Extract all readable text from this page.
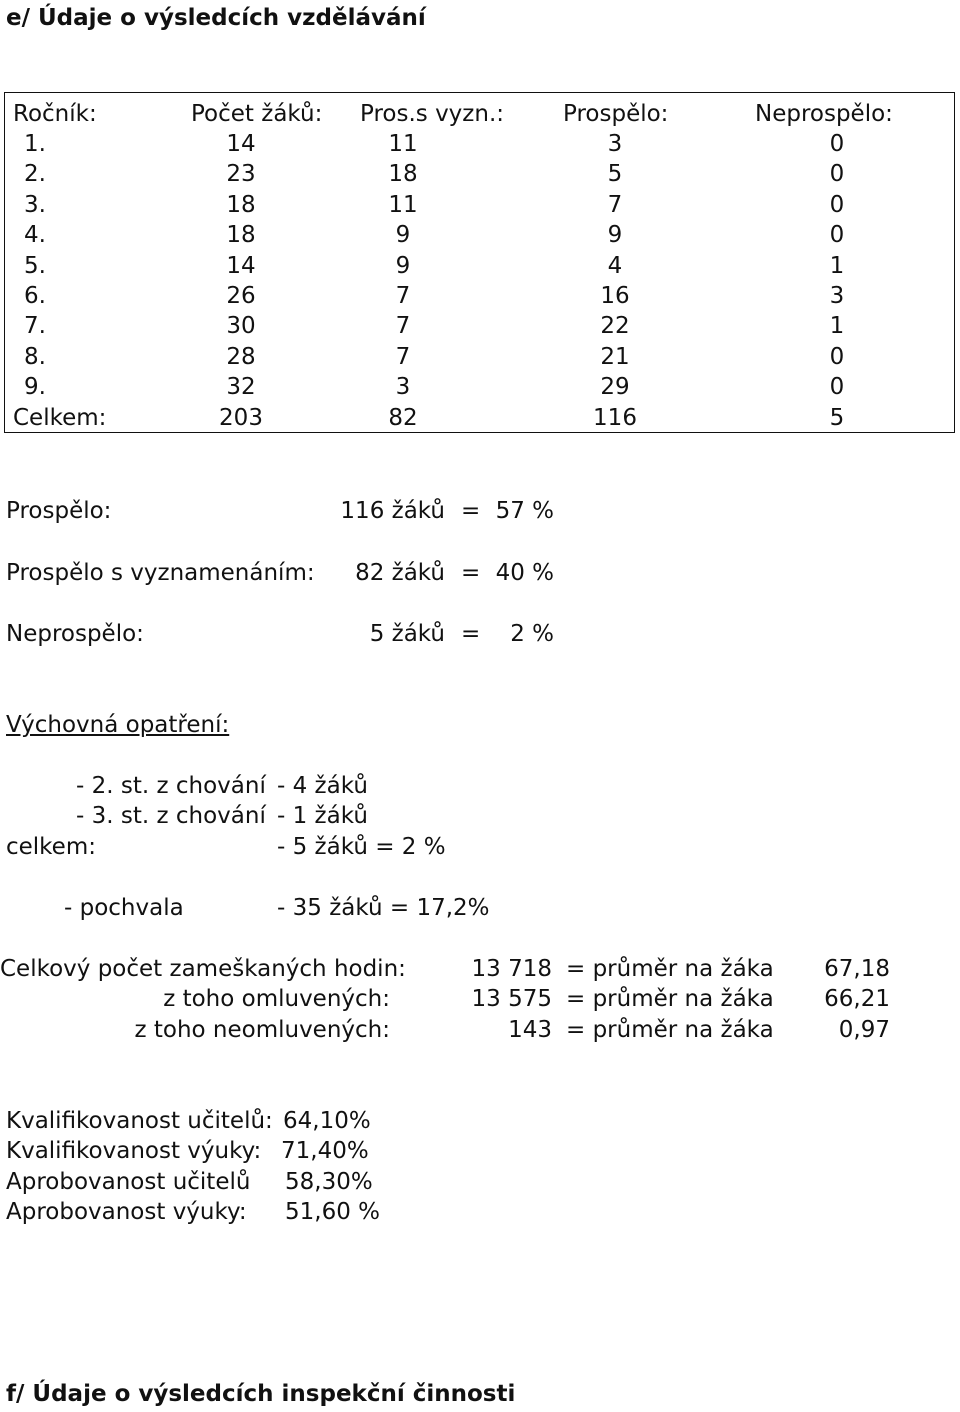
e/ Údaje o výsledcích vzdělávání
Ročník:	Počet žáků: Pros.s vyzn.:	Prospělo:	Neprospělo:
1.	14	11	3	0
2.	23	18	5	0
3.	18	11	7	0
4.	18	9	9	0
5.	14	9	4	1
6.	26	7	16	3
7.	30	7	22	1
8.	28	7	21	0
9.	32	3	29	0
Celkem:	203	82	116	5
Prospělo:	116 žáků = 57 %
Prospělo s vyznamenáním:	82 žáků = 40 %
Neprospělo:	5 žáků =	2 %
Výchovná opatření:
- 2. st. z chování - 4 žáků
- 3. st. z chování - 1 žáků
celkem:	- 5 žáků = 2 %
- pochvala	- 35 žáků = 17,2%
Celkový počet zameškaných hodin:	13 718 = průměr na žáka	67,18
z toho omluvených:	13 575 = průměr na žáka	66,21
z toho neomluvených:	143 = průměr na žáka	0,97
Kvalifikovanost učitelů: 64,10%
Kvalifikovanost výuky: 71,40%
Aprobovanost učitelů 58,30%
Aprobovanost výuky: 51,60 %
f/ Údaje o výsledcích inspekční činnosti
